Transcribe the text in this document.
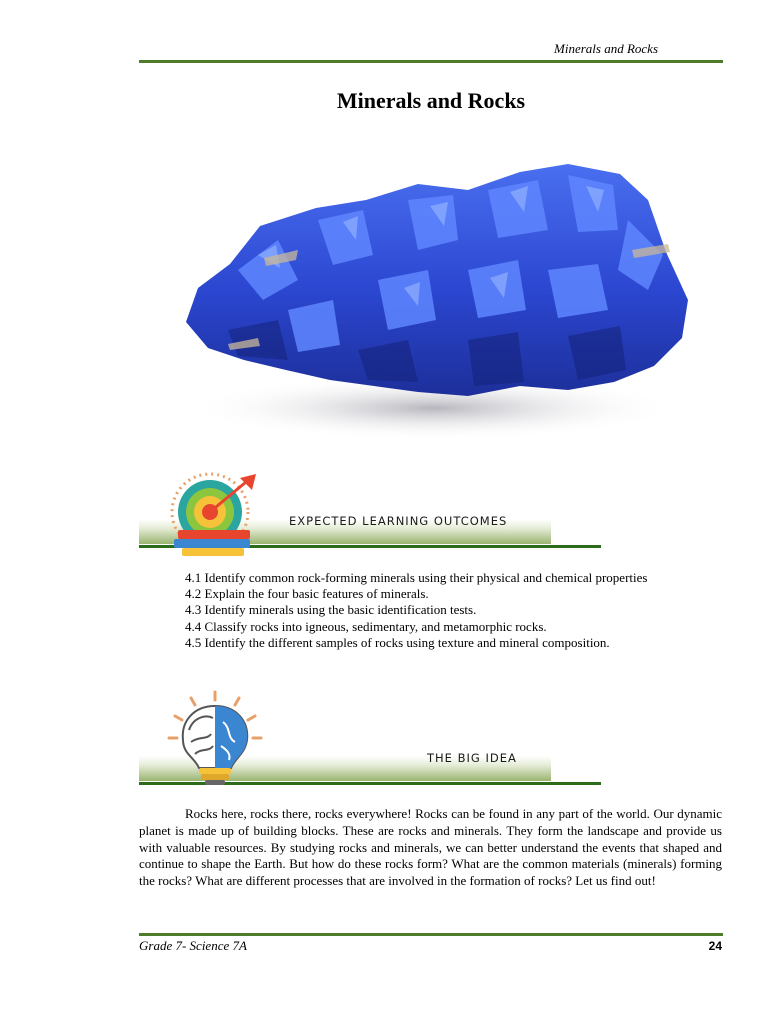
Minerals and Rocks
Minerals and Rocks
EXPECTED LEARNING OUTCOMES
4.1 Identify common rock-forming minerals using their physical and chemical properties
4.2 Explain the four basic features of minerals.
4.3 Identify minerals using the basic identification tests.
4.4 Classify rocks into igneous, sedimentary, and metamorphic rocks.
4.5 Identify the different samples of rocks using texture and mineral composition.
THE BIG IDEA
Rocks here, rocks there, rocks everywhere! Rocks can be found in any part of the world. Our dynamic planet is made up of building blocks. These are rocks and minerals. They form the landscape and provide us with valuable resources. By studying rocks and minerals, we can better understand the events that shaped and continue to shape the Earth. But how do these rocks form? What are the common materials (minerals) forming the rocks? What are different processes that are involved in the formation of rocks? Let us find out!
Grade 7- Science 7A	24
